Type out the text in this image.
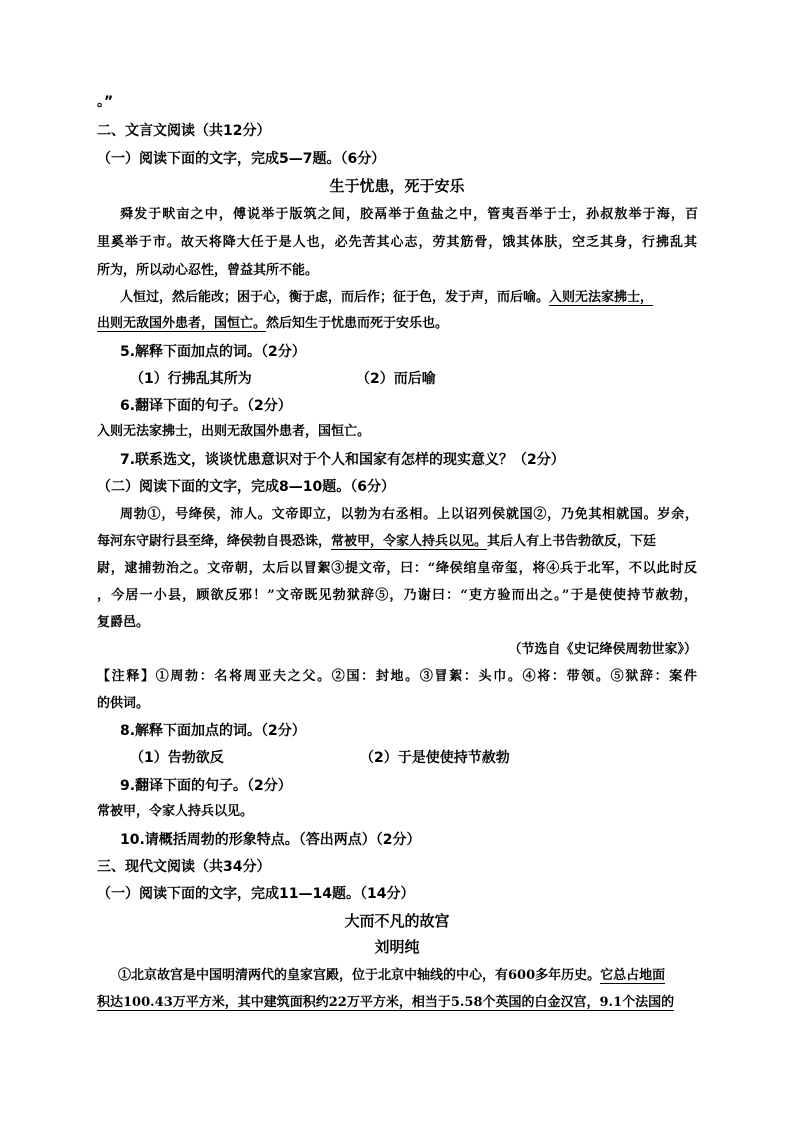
。”
二、文言文阅读（共12分）
（一）阅读下面的文字，完成5—7题。（6分）
生于忧患，死于安乐
舜发于畎亩之中，傅说举于版筑之间，胶鬲举于鱼盐之中，管夷吾举于士，孙叔敖举于海，百
里奚举于市。故天将降大任于是人也，必先苦其心志，劳其筋骨，饿其体肤，空乏其身，行拂乱其
所为，所以动心忍性，曾益其所不能。
人恒过，然后能改；困于心，衡于虑，而后作；征于色，发于声，而后喻。入则无法家拂士，
出则无敌国外患者，国恒亡。然后知生于忧患而死于安乐也。
5.解释下面加点的词。（2分）
（1）行拂乱其所为	（2）而后喻
6.翻译下面的句子。（2分）
入则无法家拂士，出则无敌国外患者，国恒亡。
7.联系选文，谈谈忧患意识对于个人和国家有怎样的现实意义？（2分）
（二）阅读下面的文字，完成8—10题。（6分）
周勃①，号绛侯，沛人。文帝即立，以勃为右丞相。上以诏列侯就国②，乃免其相就国。岁余，
每河东守尉行县至绛，绛侯勃自畏恐诛，常被甲，令家人持兵以见。其后人有上书告勃欲反，下廷
尉，逮捕勃治之。文帝朝，太后以冒絮③提文帝，曰：“绛侯绾皇帝玺，将④兵于北军，不以此时反
，今居一小县，顾欲反邪！”文帝既见勃狱辞⑤，乃谢曰：“吏方验而出之。”于是使使持节赦勃，
复爵邑。
（节选自《史记绛侯周勃世家》）
【注释】①周勃：名将周亚夫之父。②国：封地。③冒絮：头巾。④将：带领。⑤狱辞：案件
的供词。
8.解释下面加点的词。（2分）
（1）告勃欲反	（2）于是使使持节赦勃
9.翻译下面的句子。（2分）
常被甲，令家人持兵以见。
10.请概括周勃的形象特点。（答出两点）（2分）
三、现代文阅读（共34分）
（一）阅读下面的文字，完成11—14题。（14分）
大而不凡的故宫
刘明纯
①北京故宫是中国明清两代的皇家宫殿，位于北京中轴线的中心，有600多年历史。它总占地面
积达100.43万平方米，其中建筑面积约22万平方米，相当于5.58个英国的白金汉宫，9.1个法国的
